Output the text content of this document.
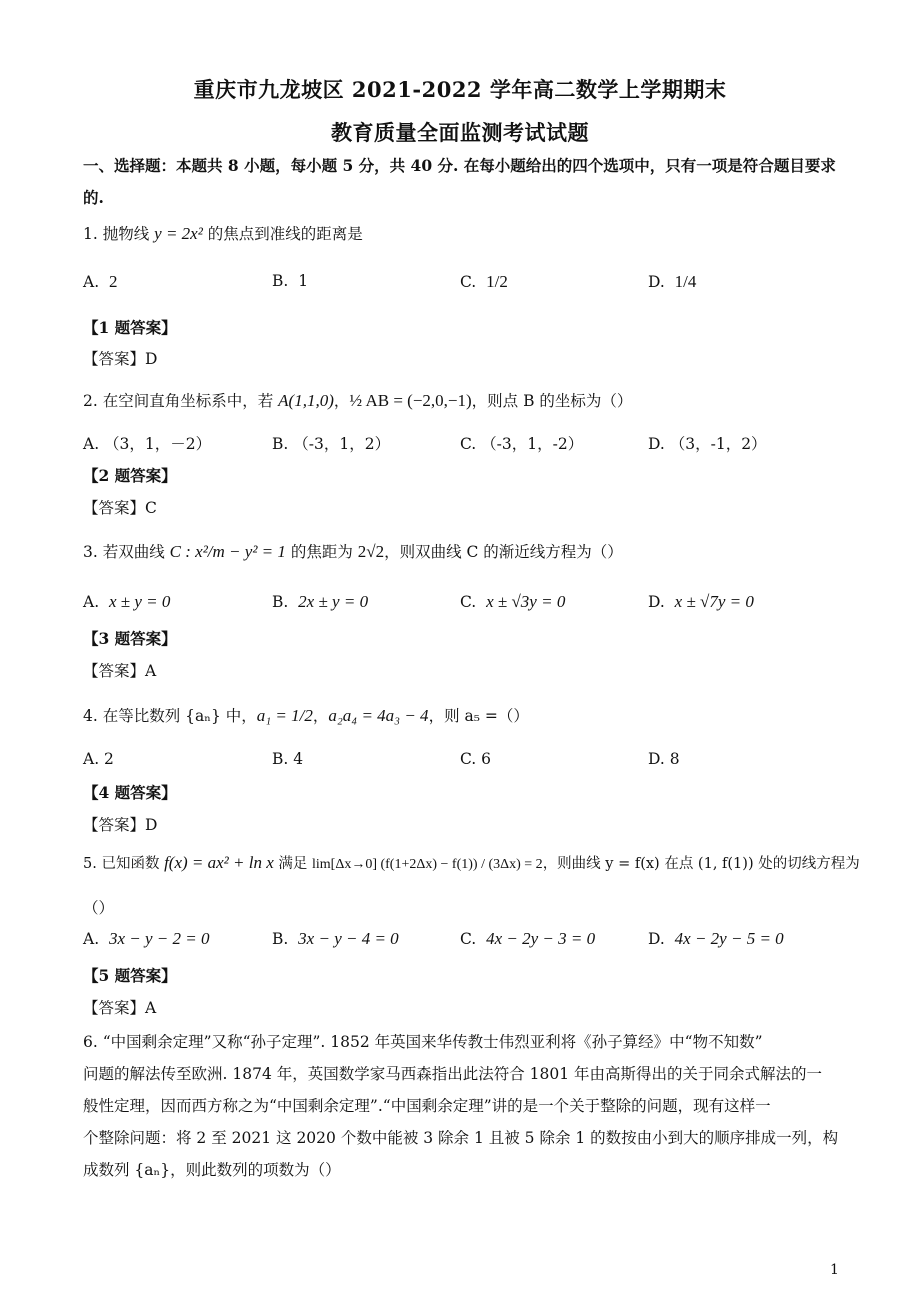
重庆市九龙坡区 2021-2022 学年高二数学上学期期末
教育质量全面监测考试试题
一、选择题：本题共 8 小题，每小题 5 分，共 40 分. 在每小题给出的四个选项中，只有一项是符合题目要求的.
1. 抛物线 y = 2x² 的焦点到准线的距离是
A. 2	B. 1	C. 1/2	D. 1/4
【1 题答案】
【答案】D
2. 在空间直角坐标系中，若 A(1,1,0)，½ AB = (−2,0,−1)，则点 B 的坐标为（）
A. （3，1，－2）	B. （-3，1，2）	C. （-3，1，-2）	D. （3，-1，2）
【2 题答案】
【答案】C
3. 若双曲线 C : x²/m − y² = 1 的焦距为 2√2，则双曲线 C 的渐近线方程为（）
A.  x ± y = 0	B.  2x ± y = 0	C.  x ± √3y = 0	D.  x ± √7y = 0
【3 题答案】
【答案】A
4. 在等比数列 {aₙ} 中，a₁ = 1/2，a₂a₄ = 4a₃ − 4，则 a₅ =（）
A. 2	B. 4	C. 6	D. 8
【4 题答案】
【答案】D
5. 已知函数 f(x) = ax² + ln x 满足 lim[Δx→0] (f(1+2Δx) − f(1)) / (3Δx) = 2，则曲线 y = f(x) 在点 (1, f(1)) 处的切线方程为
（）
A.  3x − y − 2 = 0	B.  3x − y − 4 = 0	C.  4x − 2y − 3 = 0	D.  4x − 2y − 5 = 0
【5 题答案】
【答案】A
6. “中国剩余定理”又称“孙子定理”. 1852 年英国来华传教士伟烈亚利将《孙子算经》中“物不知数”
问题的解法传至欧洲. 1874 年，英国数学家马西森指出此法符合 1801 年由高斯得出的关于同余式解法的一
般性定理，因而西方称之为“中国剩余定理”.“中国剩余定理”讲的是一个关于整除的问题，现有这样一
个整除问题：将 2 至 2021 这 2020 个数中能被 3 除余 1 且被 5 除余 1 的数按由小到大的顺序排成一列，构
成数列 {aₙ}，则此数列的项数为（）
1
